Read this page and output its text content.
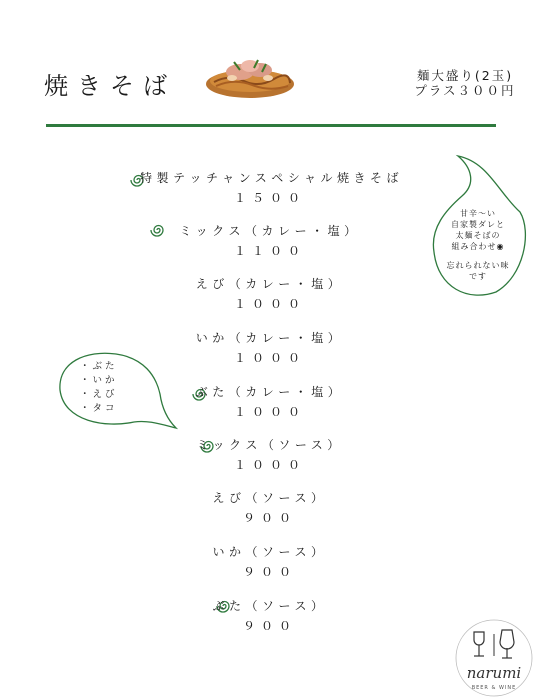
焼きそば	麺大盛り(2玉)
プラス３００円
特製テッチャンスペシャル焼きそば
１５００
ミックス（カレー・塩）
１１００
えび（カレー・塩）
１０００
いか（カレー・塩）
１０００
ぶた（カレー・塩）
１０００
ミックス（ソース）
１０００
えび（ソース）
９００
いか（ソース）
９００
ぶた（ソース）
９００
甘辛〜い
自家製ダレと
太麺そばの
組み合わせ◉
忘れられない味
です
・ぶた
・いか
・えび
・タコ
narumi
BEER & WINE
